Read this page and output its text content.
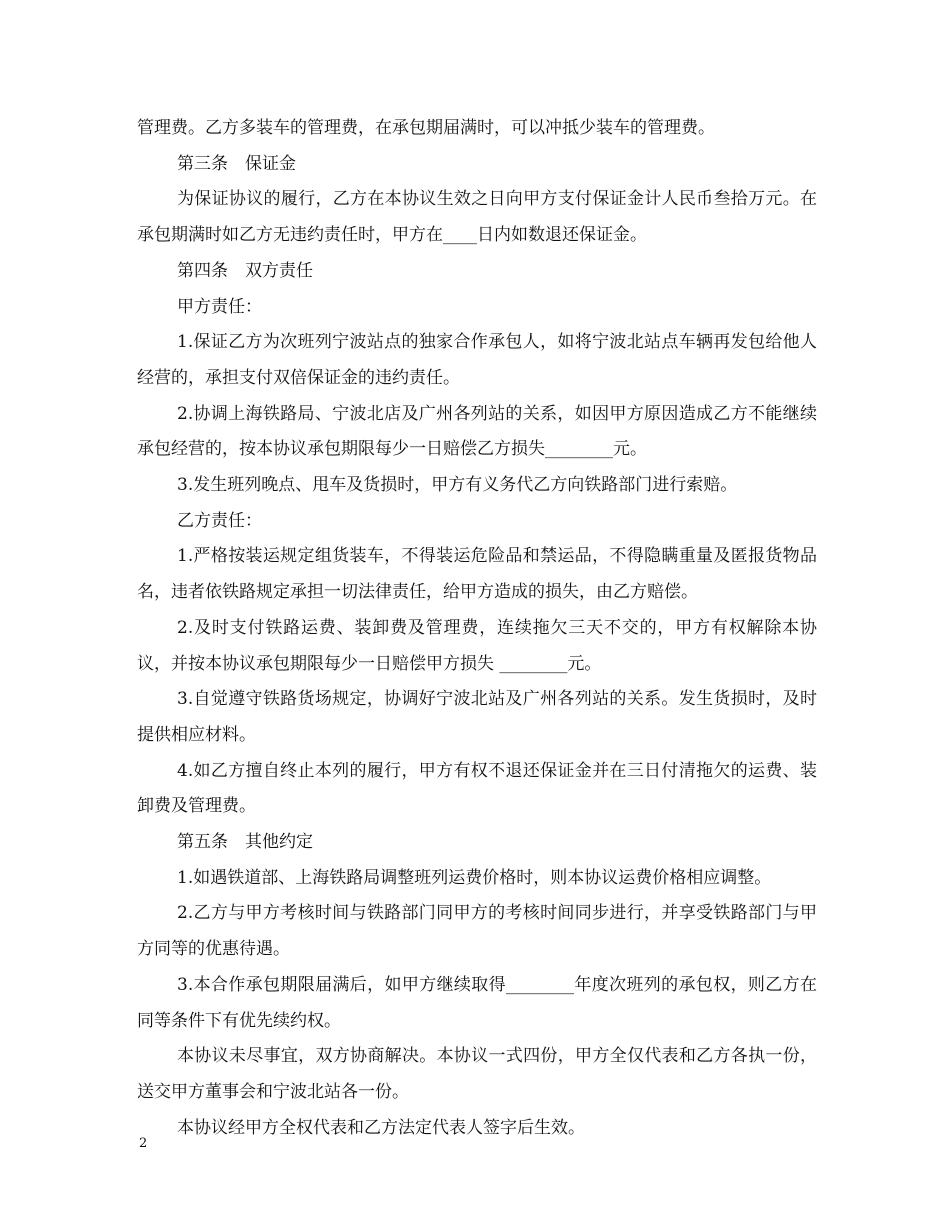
管理费。乙方多装车的管理费，在承包期届满时，可以冲抵少装车的管理费。

第三条　保证金

为保证协议的履行，乙方在本协议生效之日向甲方支付保证金计人民币叁拾万元。在承包期满时如乙方无违约责任时，甲方在____日内如数退还保证金。

第四条　双方责任

甲方责任：

1.保证乙方为次班列宁波站点的独家合作承包人，如将宁波北站点车辆再发包给他人经营的，承担支付双倍保证金的违约责任。

2.协调上海铁路局、宁波北店及广州各列站的关系，如因甲方原因造成乙方不能继续承包经营的，按本协议承包期限每少一日赔偿乙方损失________元。

3.发生班列晚点、甩车及货损时，甲方有义务代乙方向铁路部门进行索赔。

乙方责任：

1.严格按装运规定组货装车，不得装运危险品和禁运品，不得隐瞒重量及匿报货物品名，违者依铁路规定承担一切法律责任，给甲方造成的损失，由乙方赔偿。

2.及时支付铁路运费、装卸费及管理费，连续拖欠三天不交的，甲方有权解除本协议，并按本协议承包期限每少一日赔偿甲方损失 ________元。

3.自觉遵守铁路货场规定，协调好宁波北站及广州各列站的关系。发生货损时，及时提供相应材料。

4.如乙方擅自终止本列的履行，甲方有权不退还保证金并在三日付清拖欠的运费、装卸费及管理费。

第五条　其他约定

1.如遇铁道部、上海铁路局调整班列运费价格时，则本协议运费价格相应调整。

2.乙方与甲方考核时间与铁路部门同甲方的考核时间同步进行，并享受铁路部门与甲方同等的优惠待遇。

3.本合作承包期限届满后，如甲方继续取得________年度次班列的承包权，则乙方在同等条件下有优先续约权。

本协议未尽事宜，双方协商解决。本协议一式四份，甲方全仅代表和乙方各执一份，送交甲方董事会和宁波北站各一份。

本协议经甲方全权代表和乙方法定代表人签字后生效。

2
